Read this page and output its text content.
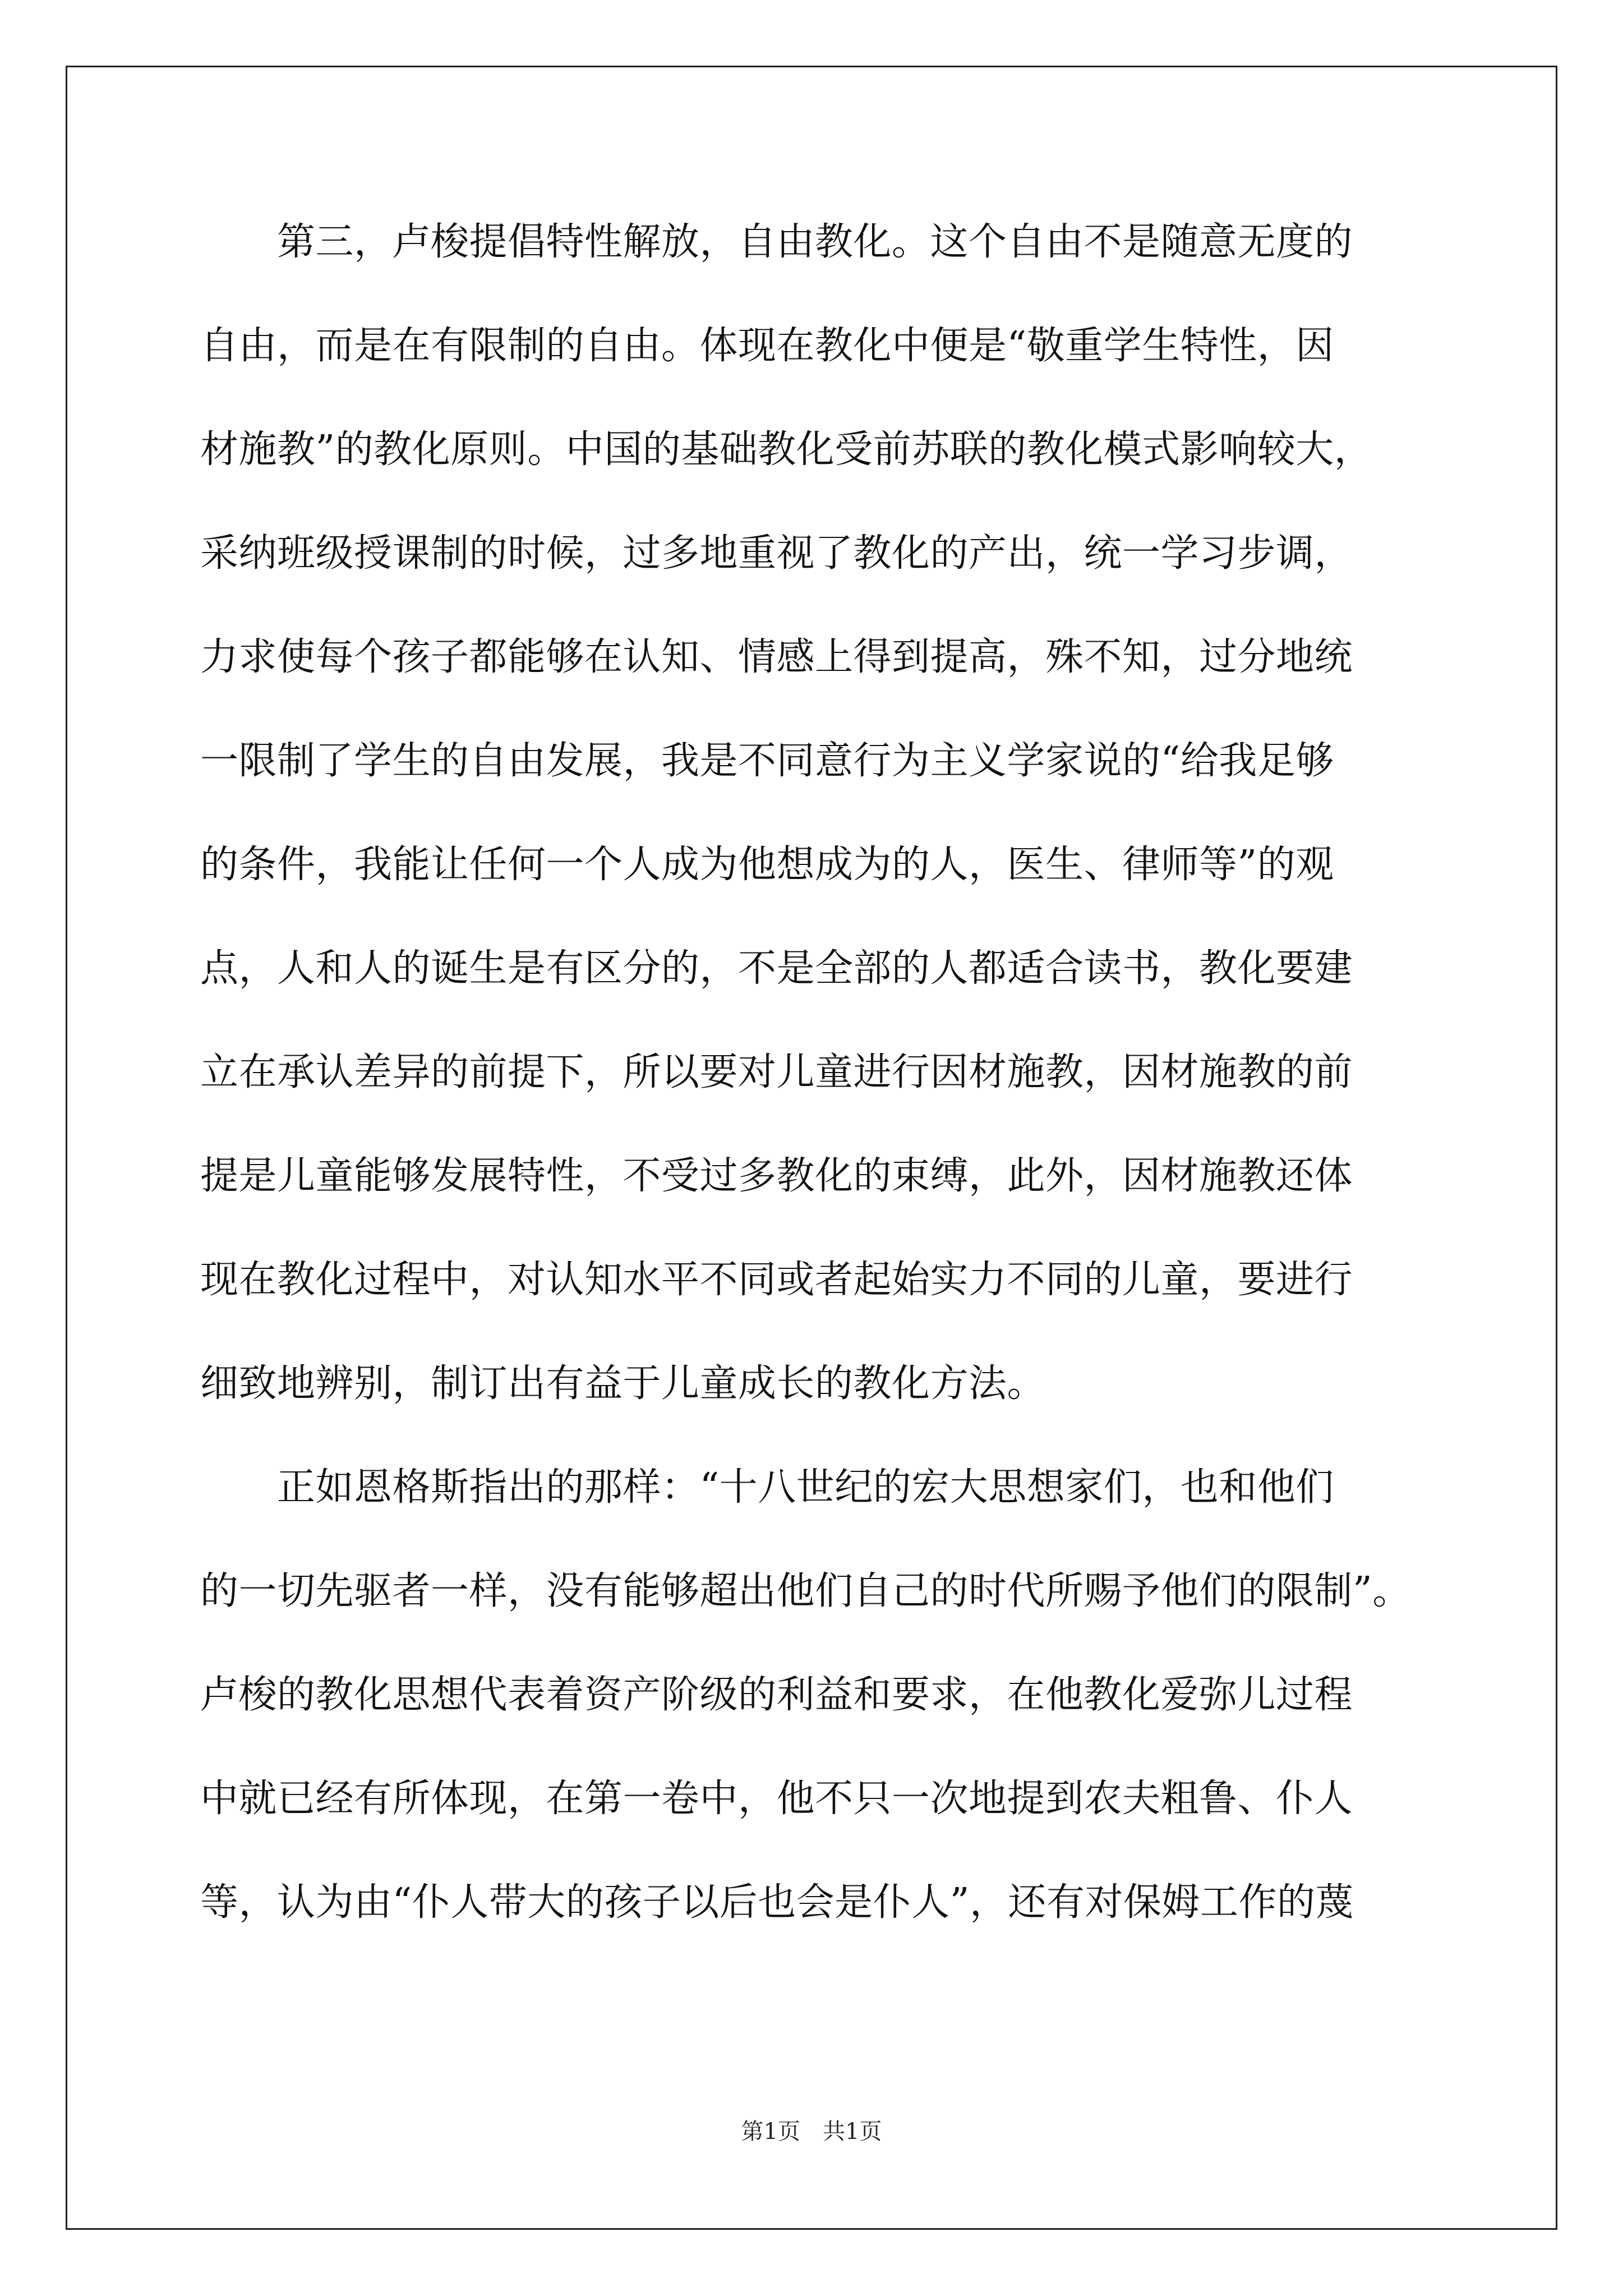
　　第三，卢梭提倡特性解放，自由教化。这个自由不是随意无度的
自由，而是在有限制的自由。体现在教化中便是“敬重学生特性，因
材施教”的教化原则。中国的基础教化受前苏联的教化模式影响较大，
采纳班级授课制的时候，过多地重视了教化的产出，统一学习步调，
力求使每个孩子都能够在认知、情感上得到提高，殊不知，过分地统
一限制了学生的自由发展，我是不同意行为主义学家说的“给我足够
的条件，我能让任何一个人成为他想成为的人，医生、律师等”的观
点，人和人的诞生是有区分的，不是全部的人都适合读书，教化要建
立在承认差异的前提下，所以要对儿童进行因材施教，因材施教的前
提是儿童能够发展特性，不受过多教化的束缚，此外，因材施教还体
现在教化过程中，对认知水平不同或者起始实力不同的儿童，要进行
细致地辨别，制订出有益于儿童成长的教化方法。
　　正如恩格斯指出的那样：“十八世纪的宏大思想家们，也和他们
的一切先驱者一样，没有能够超出他们自己的时代所赐予他们的限制”。
卢梭的教化思想代表着资产阶级的利益和要求，在他教化爱弥儿过程
中就已经有所体现，在第一卷中，他不只一次地提到农夫粗鲁、仆人
等，认为由“仆人带大的孩子以后也会是仆人”，还有对保姆工作的蔑
第1页 共1页
